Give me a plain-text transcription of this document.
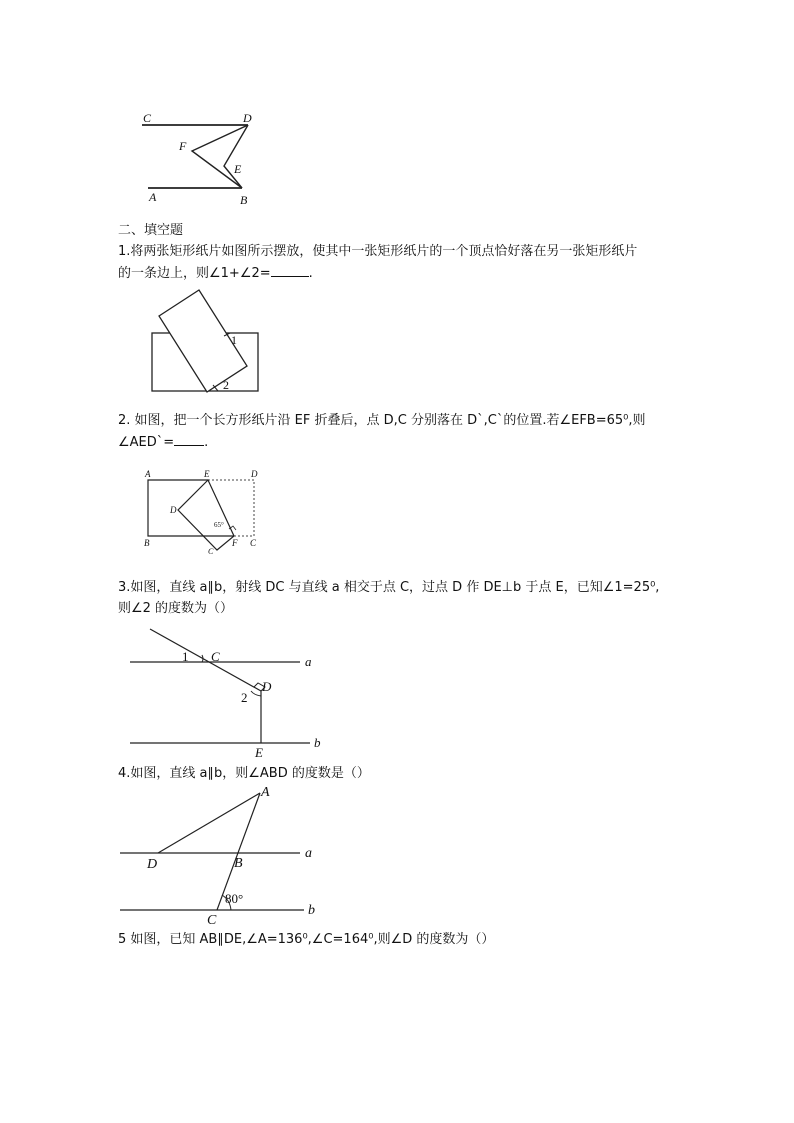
C	D
F
E
A	B
二、填空题
1.将两张矩形纸片如图所示摆放，使其中一张矩形纸片的一个顶点恰好落在另一张矩形纸片
的一条边上，则∠1+∠2=	.
1
2
2. 如图，把一个长方形纸片沿 EF 折叠后，点 D,C 分别落在 D`,C`的位置.若∠EFB=65⁰,则
∠AED`= .
A	E	D
D
B
C
F C
65°
3.如图，直线 a∥b，射线 DC 与直线 a 相交于点 C，过点 D 作 DE⊥b 于点 E，已知∠1=25⁰,
则∠2 的度数为（）
1 C	a
D
2
E
b
4.如图，直线 a∥b，则∠ABD 的度数是（）
A
D	B
a
80°
C
b
5 如图，已知 AB∥DE,∠A=136⁰,∠C=164⁰,则∠D 的度数为（）
